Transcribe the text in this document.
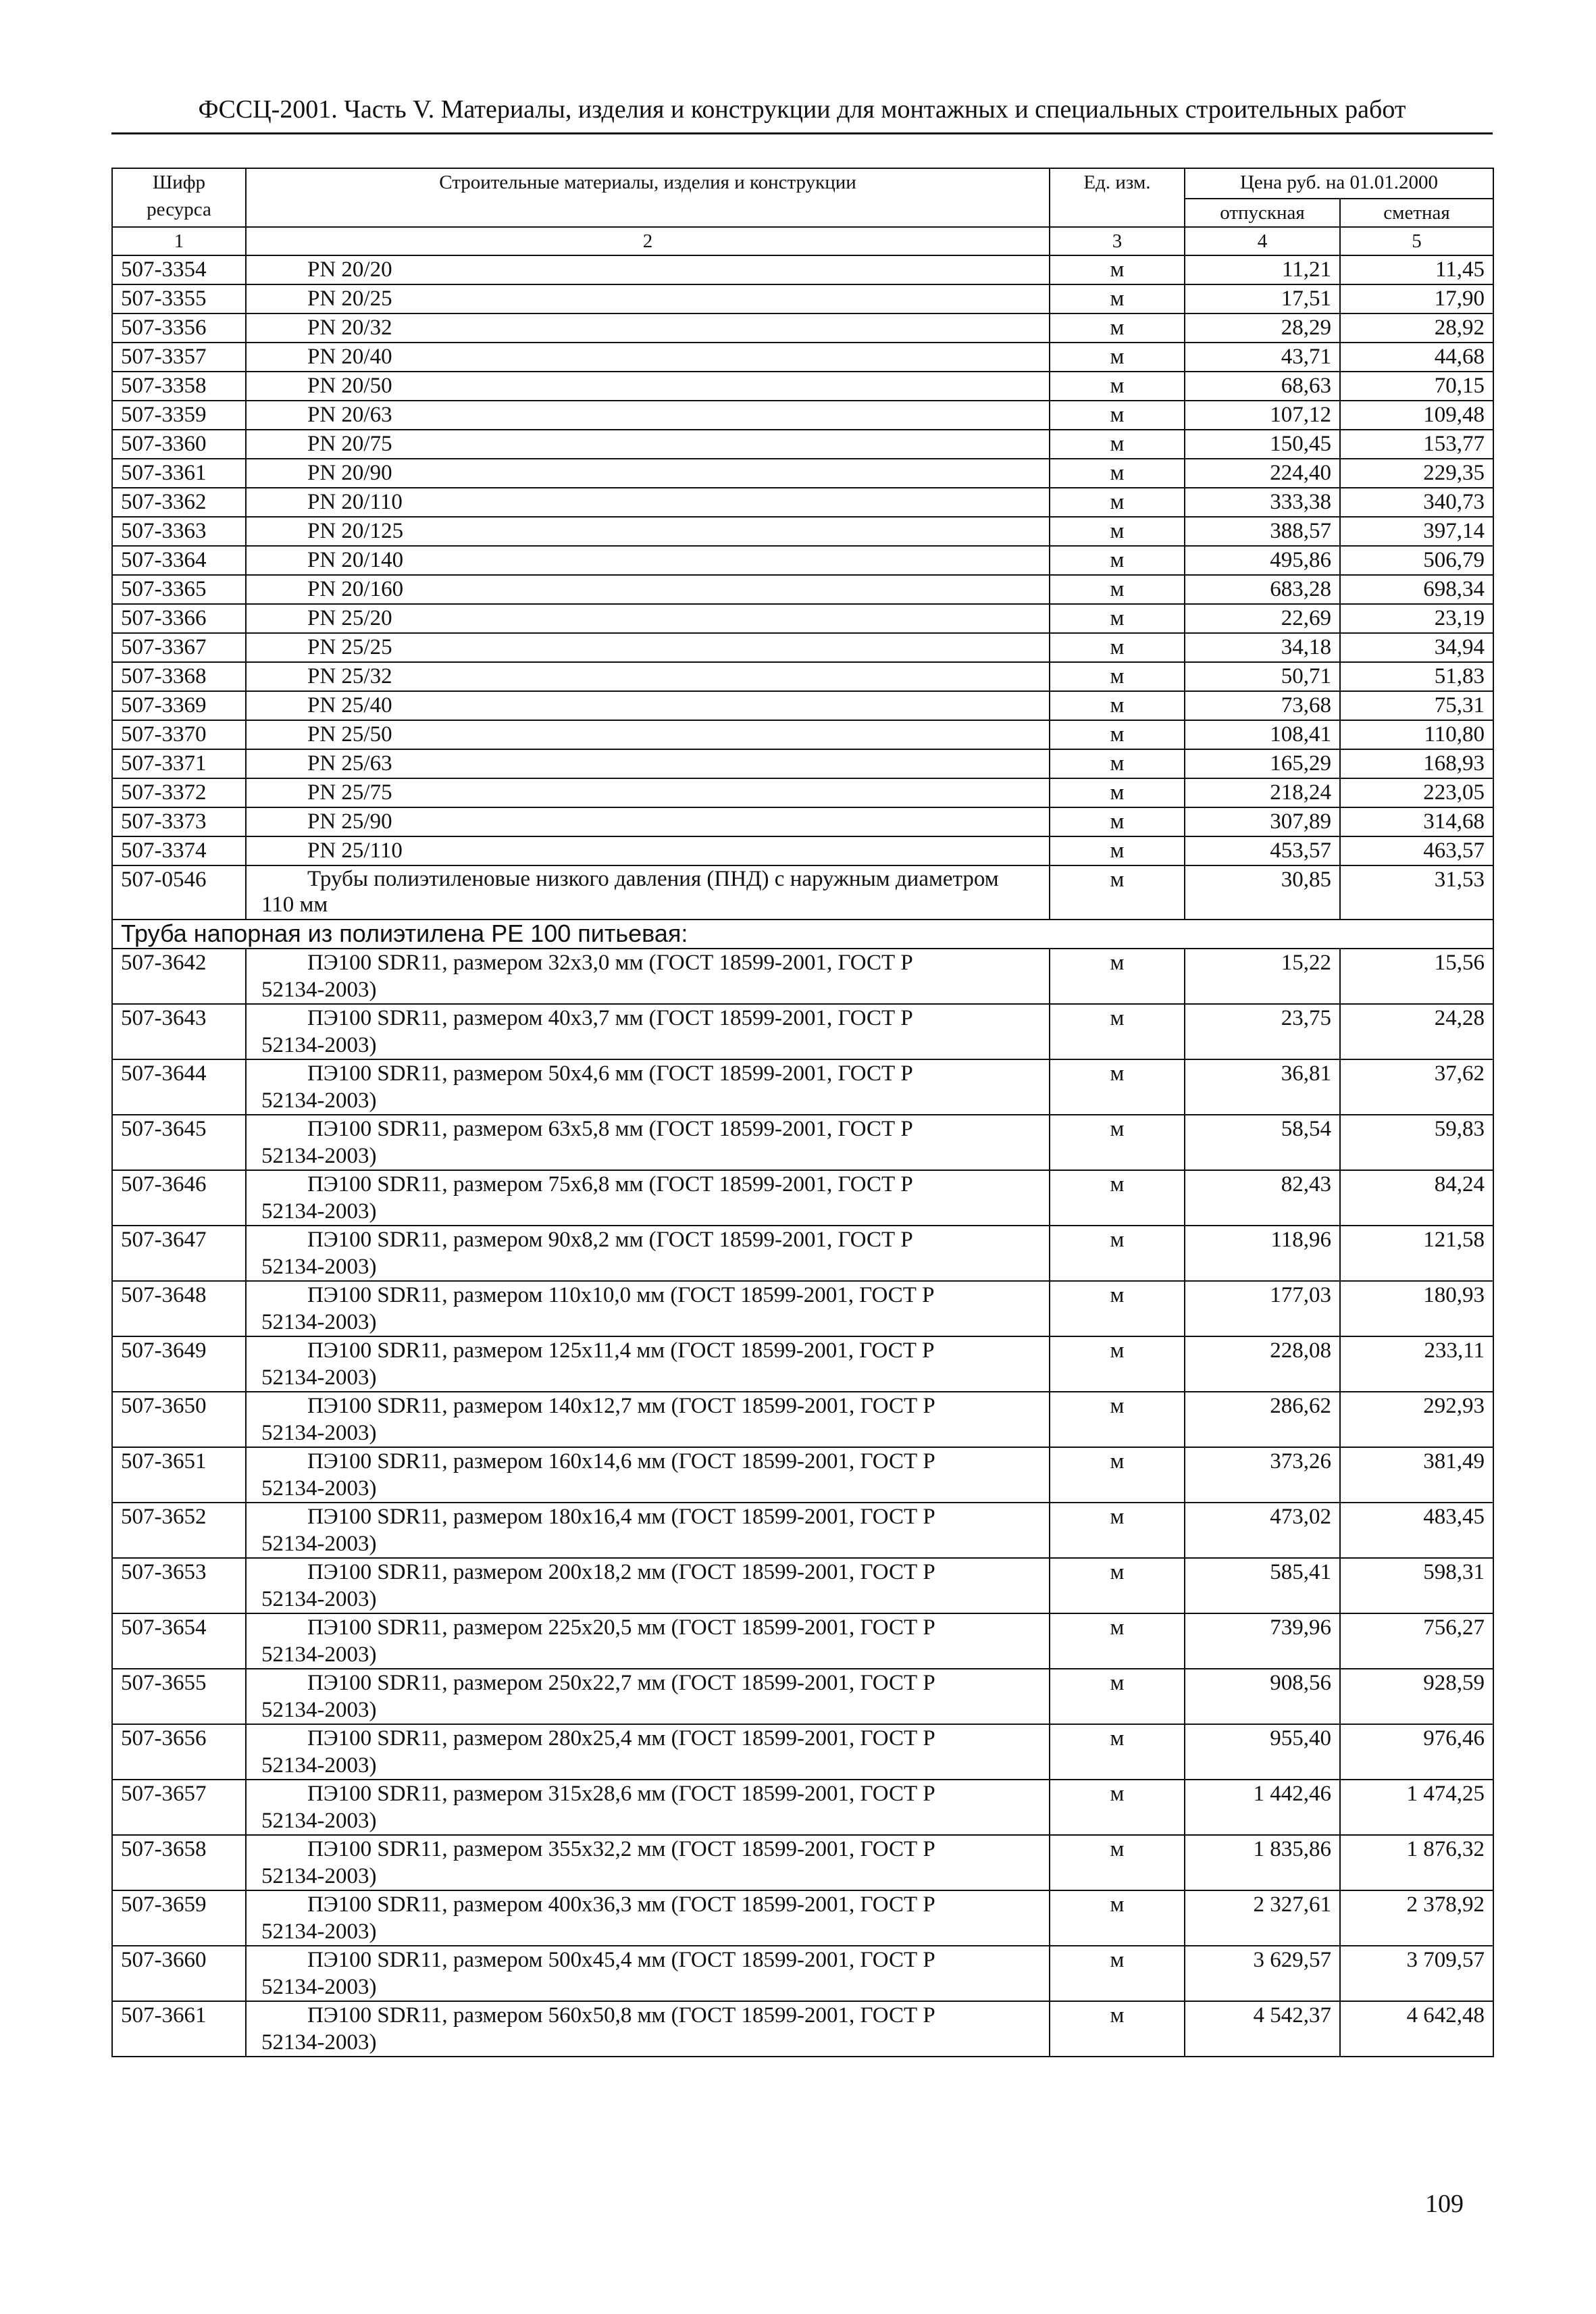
ФССЦ-2001. Часть V. Материалы, изделия и конструкции для монтажных и специальных строительных работ
Шифр ресурса	Строительные материалы, изделия и конструкции	Ед. изм.	Цена руб. на 01.01.2000	
			отпускная	сметная
1	2	3	4	5
507-3354	PN 20/20	м	11,21	11,45
507-3355	PN 20/25	м	17,51	17,90
507-3356	PN 20/32	м	28,29	28,92
507-3357	PN 20/40	м	43,71	44,68
507-3358	PN 20/50	м	68,63	70,15
507-3359	PN 20/63	м	107,12	109,48
507-3360	PN 20/75	м	150,45	153,77
507-3361	PN 20/90	м	224,40	229,35
507-3362	PN 20/110	м	333,38	340,73
507-3363	PN 20/125	м	388,57	397,14
507-3364	PN 20/140	м	495,86	506,79
507-3365	PN 20/160	м	683,28	698,34
507-3366	PN 25/20	м	22,69	23,19
507-3367	PN 25/25	м	34,18	34,94
507-3368	PN 25/32	м	50,71	51,83
507-3369	PN 25/40	м	73,68	75,31
507-3370	PN 25/50	м	108,41	110,80
507-3371	PN 25/63	м	165,29	168,93
507-3372	PN 25/75	м	218,24	223,05
507-3373	PN 25/90	м	307,89	314,68
507-3374	PN 25/110	м	453,57	463,57
507-0546	Трубы полиэтиленовые низкого давления (ПНД) с наружным диаметром
110 мм	м	30,85	31,53
Труба напорная из полиэтилена PE 100 питьевая:				
507-3642	ПЭ100 SDR11, размером 32х3,0 мм (ГОСТ 18599-2001, ГОСТ Р
52134-2003)	м	15,22	15,56
507-3643	ПЭ100 SDR11, размером 40х3,7 мм (ГОСТ 18599-2001, ГОСТ Р
52134-2003)	м	23,75	24,28
507-3644	ПЭ100 SDR11, размером 50х4,6 мм (ГОСТ 18599-2001, ГОСТ Р
52134-2003)	м	36,81	37,62
507-3645	ПЭ100 SDR11, размером 63х5,8 мм (ГОСТ 18599-2001, ГОСТ Р
52134-2003)	м	58,54	59,83
507-3646	ПЭ100 SDR11, размером 75х6,8 мм (ГОСТ 18599-2001, ГОСТ Р
52134-2003)	м	82,43	84,24
507-3647	ПЭ100 SDR11, размером 90х8,2 мм (ГОСТ 18599-2001, ГОСТ Р
52134-2003)	м	118,96	121,58
507-3648	ПЭ100 SDR11, размером 110х10,0 мм (ГОСТ 18599-2001, ГОСТ Р
52134-2003)	м	177,03	180,93
507-3649	ПЭ100 SDR11, размером 125х11,4 мм (ГОСТ 18599-2001, ГОСТ Р
52134-2003)	м	228,08	233,11
507-3650	ПЭ100 SDR11, размером 140х12,7 мм (ГОСТ 18599-2001, ГОСТ Р
52134-2003)	м	286,62	292,93
507-3651	ПЭ100 SDR11, размером 160х14,6 мм (ГОСТ 18599-2001, ГОСТ Р
52134-2003)	м	373,26	381,49
507-3652	ПЭ100 SDR11, размером 180х16,4 мм (ГОСТ 18599-2001, ГОСТ Р
52134-2003)	м	473,02	483,45
507-3653	ПЭ100 SDR11, размером 200х18,2 мм (ГОСТ 18599-2001, ГОСТ Р
52134-2003)	м	585,41	598,31
507-3654	ПЭ100 SDR11, размером 225х20,5 мм (ГОСТ 18599-2001, ГОСТ Р
52134-2003)	м	739,96	756,27
507-3655	ПЭ100 SDR11, размером 250х22,7 мм (ГОСТ 18599-2001, ГОСТ Р
52134-2003)	м	908,56	928,59
507-3656	ПЭ100 SDR11, размером 280х25,4 мм (ГОСТ 18599-2001, ГОСТ Р
52134-2003)	м	955,40	976,46
507-3657	ПЭ100 SDR11, размером 315х28,6 мм (ГОСТ 18599-2001, ГОСТ Р
52134-2003)	м	1 442,46	1 474,25
507-3658	ПЭ100 SDR11, размером 355х32,2 мм (ГОСТ 18599-2001, ГОСТ Р
52134-2003)	м	1 835,86	1 876,32
507-3659	ПЭ100 SDR11, размером 400х36,3 мм (ГОСТ 18599-2001, ГОСТ Р
52134-2003)	м	2 327,61	2 378,92
507-3660	ПЭ100 SDR11, размером 500х45,4 мм (ГОСТ 18599-2001, ГОСТ Р
52134-2003)	м	3 629,57	3 709,57
507-3661	ПЭ100 SDR11, размером 560х50,8 мм (ГОСТ 18599-2001, ГОСТ Р
52134-2003)	м	4 542,37	4 642,48
109
